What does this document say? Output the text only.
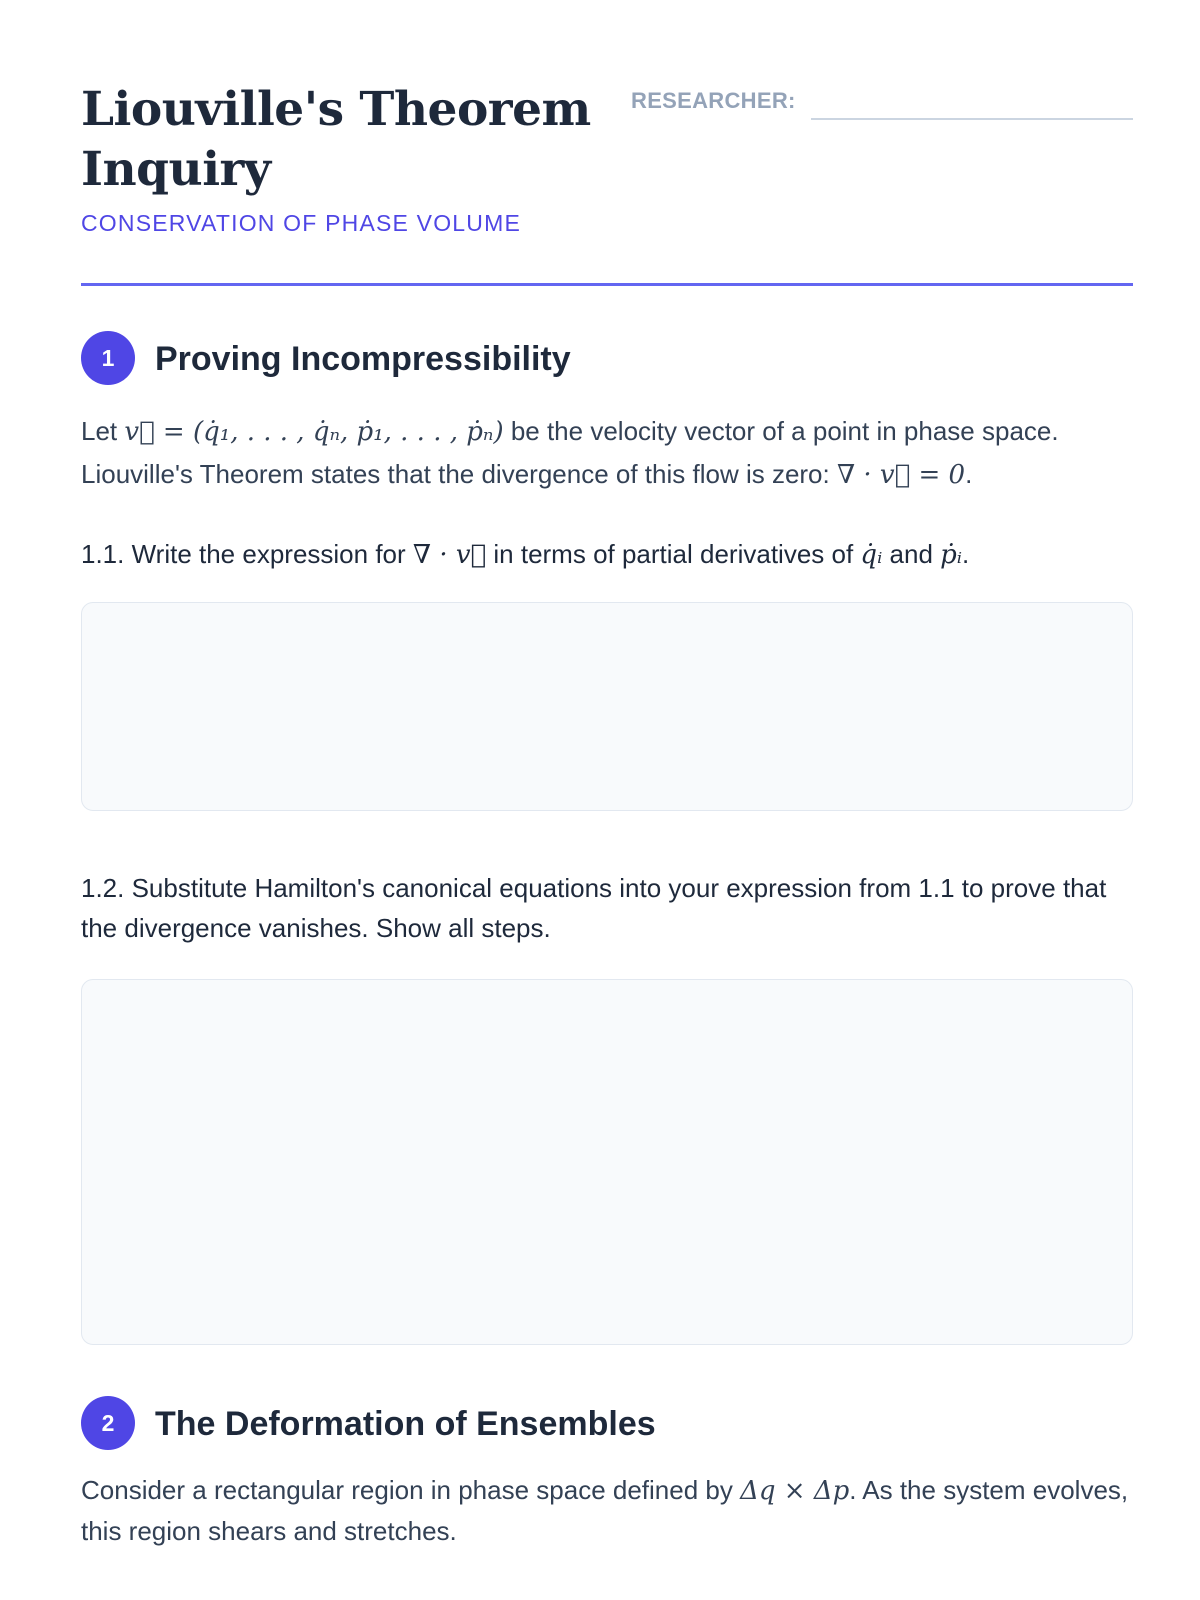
Liouville's Theorem Inquiry
CONSERVATION OF PHASE VOLUME
RESEARCHER:
1	Proving Incompressibility

Let v⃗ = (q̇₁, . . . , q̇ₙ, ṗ₁, . . . , ṗₙ) be the velocity vector of a point in phase space. Liouville's Theorem states that the divergence of this flow is zero: ∇ · v⃗ = 0.

1.1. Write the expression for ∇ · v⃗ in terms of partial derivatives of q̇ᵢ and ṗᵢ.

1.2. Substitute Hamilton's canonical equations into your expression from 1.1 to prove that the divergence vanishes. Show all steps.

2	The Deformation of Ensembles

Consider a rectangular region in phase space defined by Δq × Δp. As the system evolves, this region shears and stretches.
